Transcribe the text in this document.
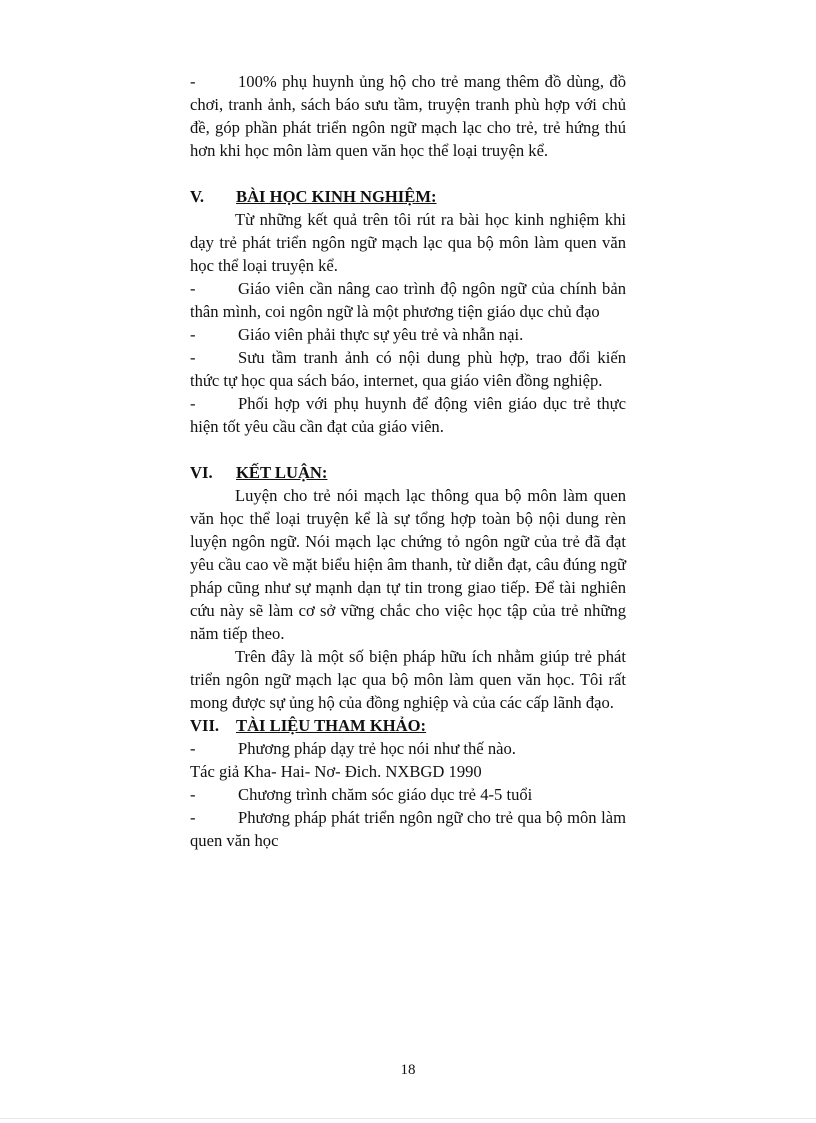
-	100% phụ huynh ủng hộ cho trẻ mang thêm đồ dùng, đồ chơi, tranh ảnh, sách báo sưu tầm, truyện tranh phù hợp với chủ đề, góp phần phát triển ngôn ngữ mạch lạc cho trẻ, trẻ hứng thú hơn khi học môn làm quen văn học thể loại truyện kể.

V.	BÀI HỌC KINH NGHIỆM:

Từ những kết quả trên tôi rút ra bài học kinh nghiệm khi dạy trẻ phát triển ngôn ngữ mạch lạc qua bộ môn làm quen văn học thể loại truyện kể.

-	Giáo viên cần nâng cao trình độ ngôn ngữ của chính bản thân mình, coi ngôn ngữ là một phương tiện giáo dục chủ đạo

-	Giáo viên phải thực sự yêu trẻ và nhẫn nại.

-	Sưu tầm tranh ảnh có nội dung phù hợp, trao đổi kiến thức tự học qua sách báo, internet, qua giáo viên đồng nghiệp.

-	Phối hợp với phụ huynh để động viên giáo dục trẻ thực hiện tốt yêu cầu cần đạt của giáo viên.

VI.	KẾT LUẬN:

Luyện cho trẻ nói mạch lạc thông qua bộ môn làm quen văn học thể loại truyện kể là sự tổng hợp toàn bộ nội dung rèn luyện ngôn ngữ. Nói mạch lạc chứng tỏ ngôn ngữ của trẻ đã đạt yêu cầu cao về mặt biểu hiện âm thanh, từ diễn đạt, câu đúng ngữ pháp cũng như sự mạnh dạn tự tin trong giao tiếp. Để tài nghiên cứu này sẽ làm cơ sở vững chắc cho việc học tập của trẻ những năm tiếp theo.

Trên đây là một số biện pháp hữu ích nhằm giúp trẻ phát triển ngôn ngữ mạch lạc qua bộ môn làm quen văn học. Tôi rất mong được sự ủng hộ của đồng nghiệp và của các cấp lãnh đạo.

VII.	TÀI LIỆU THAM KHẢO:

-	Phương pháp dạy trẻ học nói như thế nào.

Tác giả Kha- Hai- Nơ- Đich. NXBGD 1990

-	Chương trình chăm sóc giáo dục trẻ 4-5 tuổi

-	Phương pháp phát triển ngôn ngữ cho trẻ qua bộ môn làm quen văn học

18
